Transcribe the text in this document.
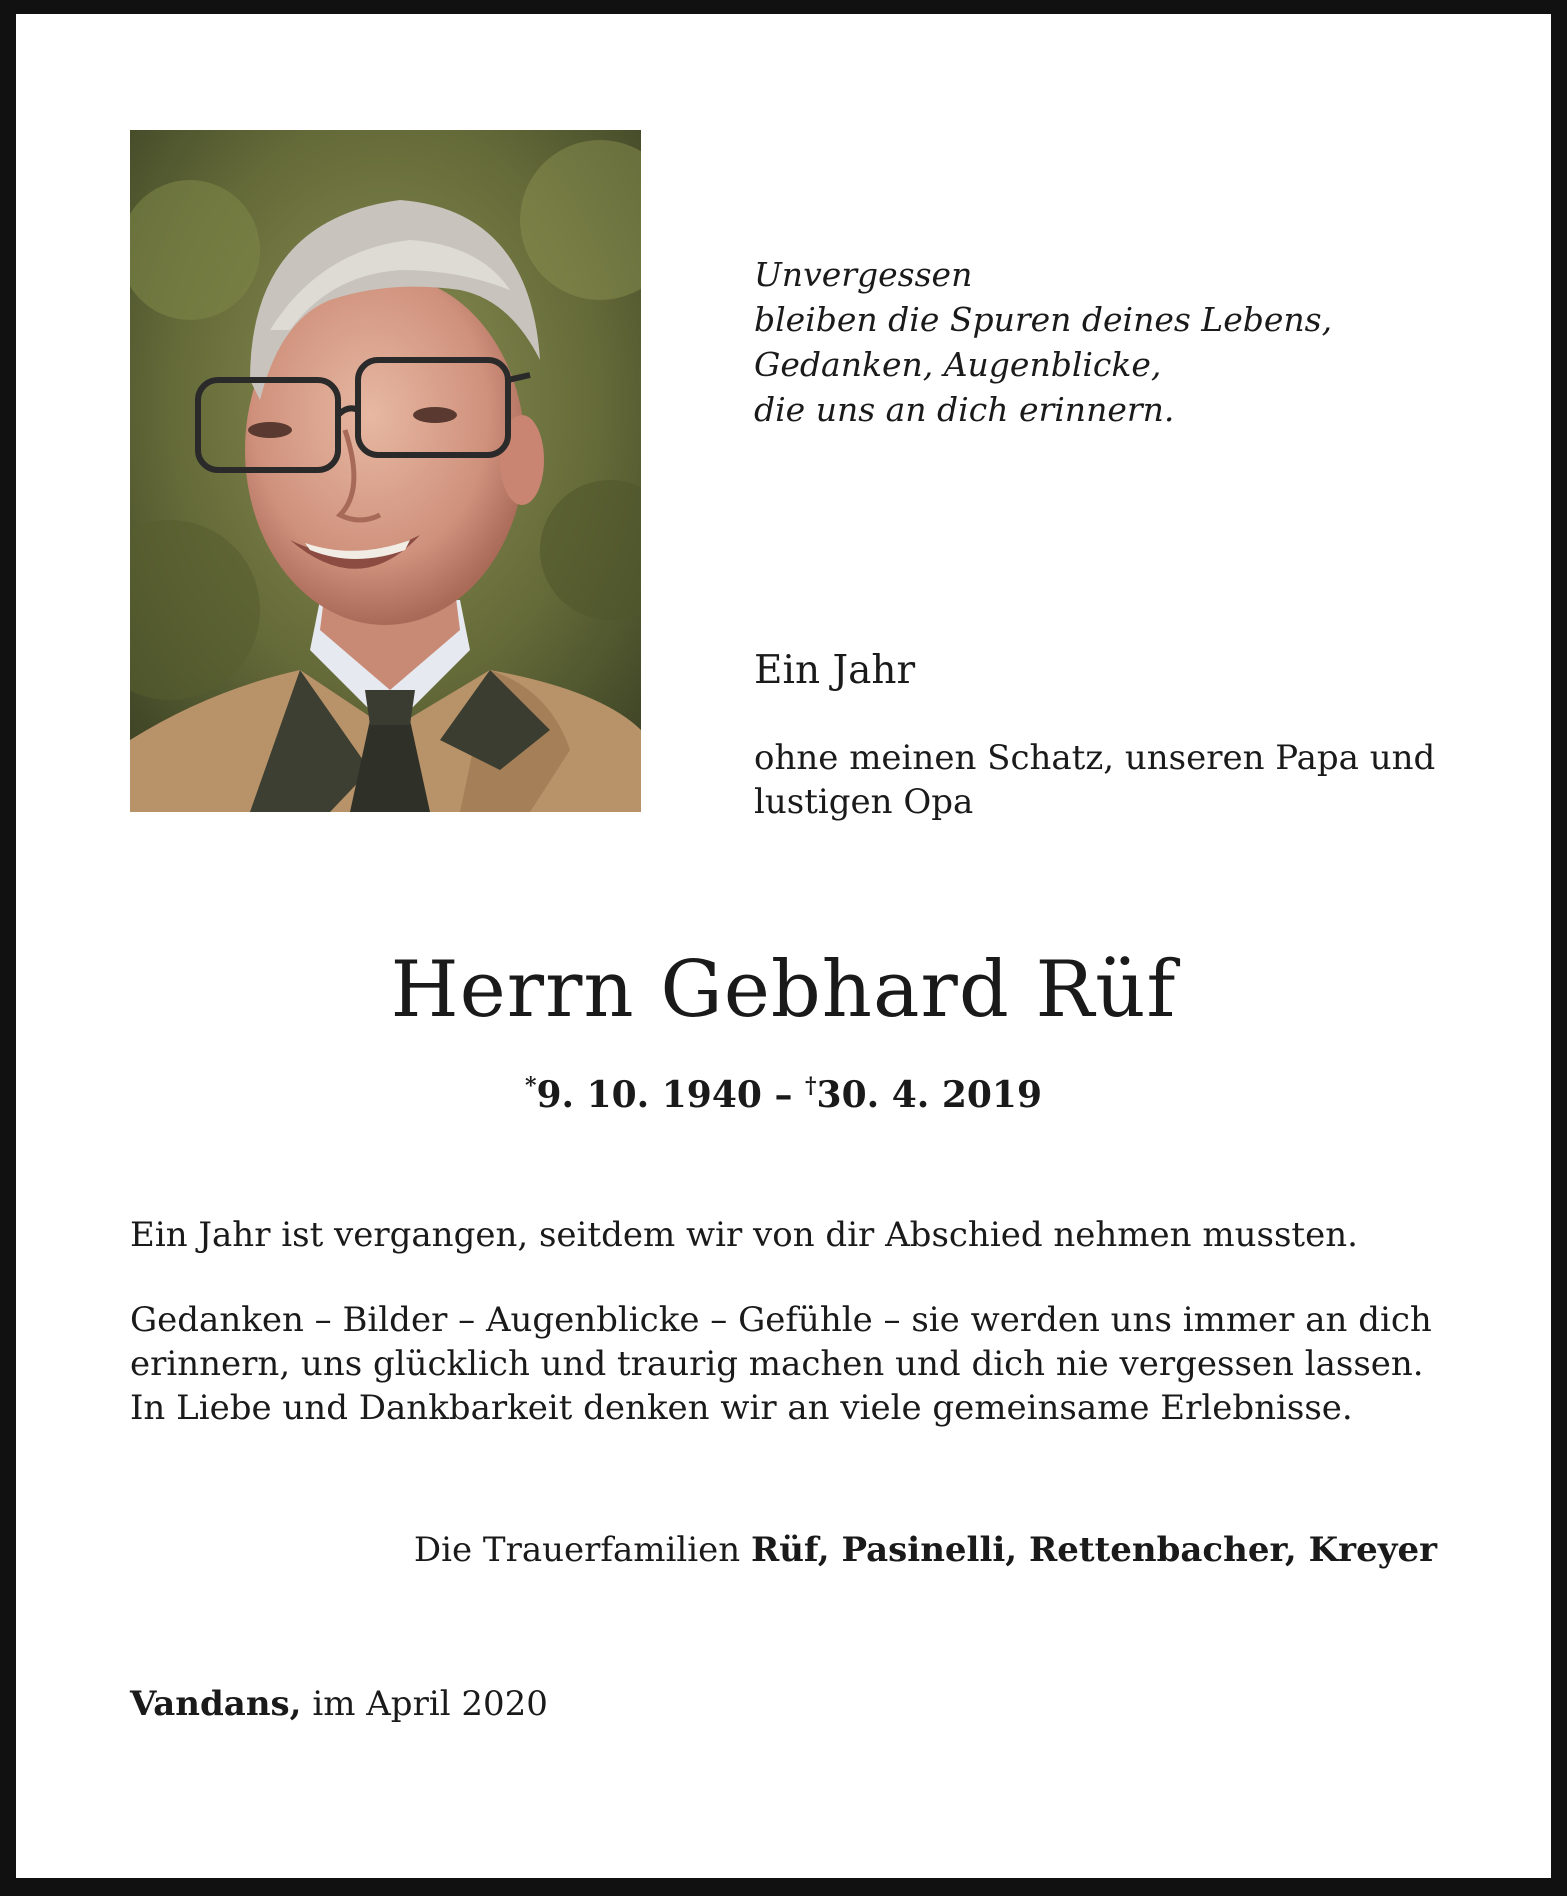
Unvergessen
bleiben die Spuren deines Lebens,
Gedanken, Augenblicke,
die uns an dich erinnern.
Ein Jahr
ohne meinen Schatz, unseren Papa und
lustigen Opa
Herrn Gebhard Rüf
*9. 10. 1940 – †30. 4. 2019
Ein Jahr ist vergangen, seitdem wir von dir Abschied nehmen mussten.
Gedanken – Bilder – Augenblicke – Gefühle – sie werden uns immer an dich
erinnern, uns glücklich und traurig machen und dich nie vergessen lassen.
In Liebe und Dankbarkeit denken wir an viele gemeinsame Erlebnisse.
Die Trauerfamilien Rüf, Pasinelli, Rettenbacher, Kreyer
Vandans, im April 2020
